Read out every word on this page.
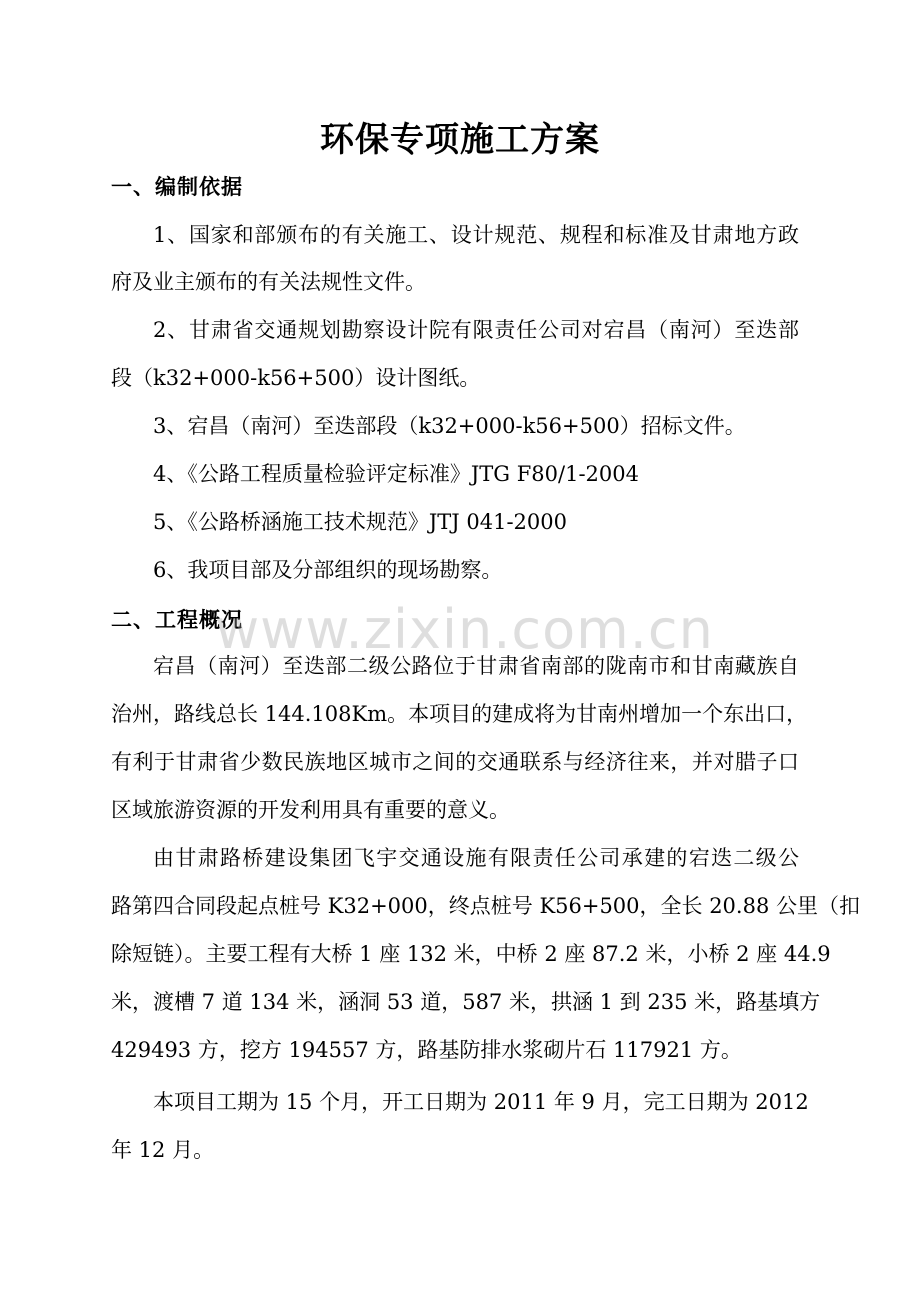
环保专项施工方案
一、编制依据
1、国家和部颁布的有关施工、设计规范、规程和标准及甘肃地方政
府及业主颁布的有关法规性文件。
2、甘肃省交通规划勘察设计院有限责任公司对宕昌（南河）至迭部
段（k32+000-k56+500）设计图纸。
3、宕昌（南河）至迭部段（k32+000-k56+500）招标文件。
4、《公路工程质量检验评定标准》JTG F80/1-2004
5、《公路桥涵施工技术规范》JTJ 041-2000
6、我项目部及分部组织的现场勘察。
二、工程概况
www.zixin.com.cn
宕昌（南河）至迭部二级公路位于甘肃省南部的陇南市和甘南藏族自
治州，路线总长 144.108Km。本项目的建成将为甘南州增加一个东出口，
有利于甘肃省少数民族地区城市之间的交通联系与经济往来，并对腊子口
区域旅游资源的开发利用具有重要的意义。
由甘肃路桥建设集团飞宇交通设施有限责任公司承建的宕迭二级公
路第四合同段起点桩号 K32+000，终点桩号 K56+500，全长 20.88 公里（扣
除短链）。主要工程有大桥 1 座 132 米，中桥 2 座 87.2 米，小桥 2 座 44.9
米，渡槽 7 道 134 米，涵洞 53 道，587 米，拱涵 1 到 235 米，路基填方
429493 方，挖方 194557 方，路基防排水浆砌片石 117921 方。
本项目工期为 15 个月，开工日期为 2011 年 9 月，完工日期为 2012
年 12 月。
